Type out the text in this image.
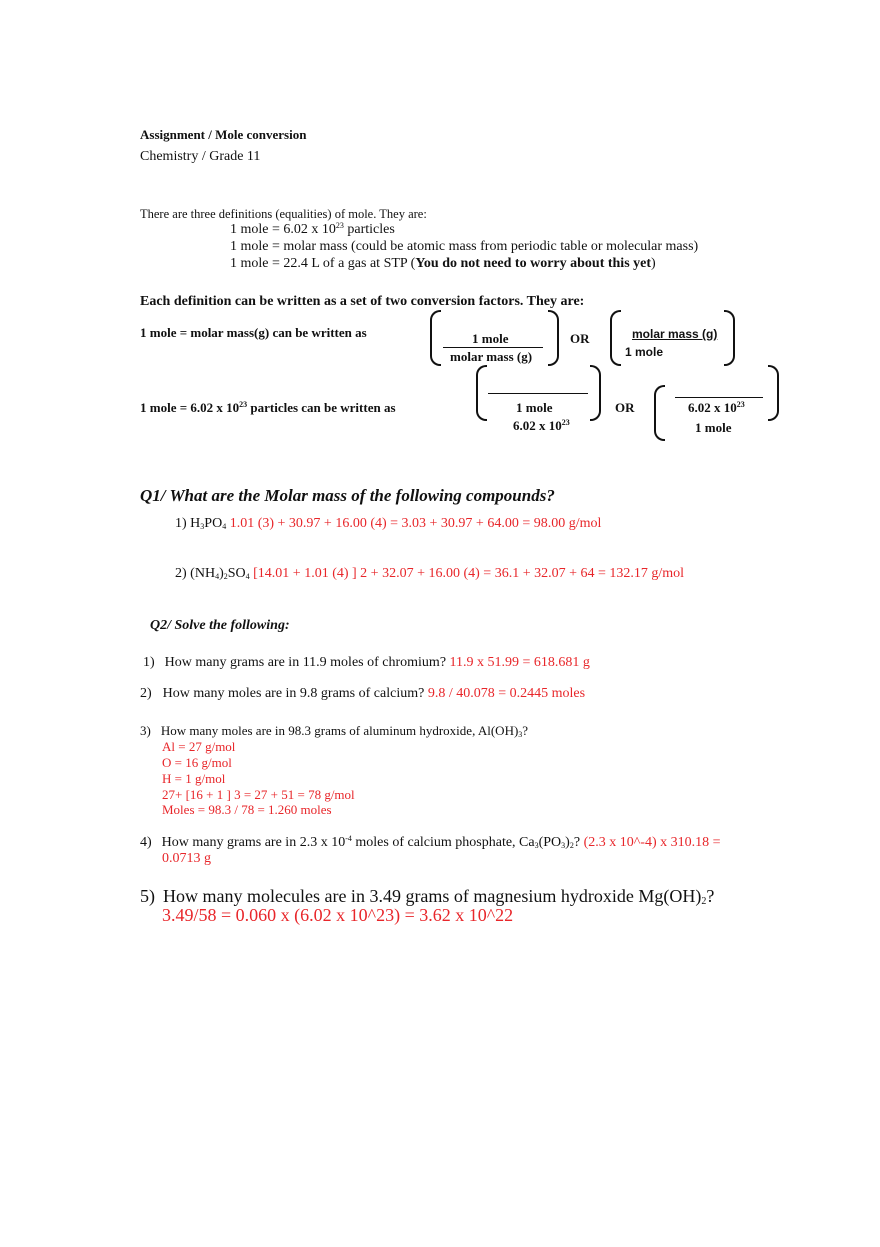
Assignment / Mole conversion
Chemistry / Grade 11
There are three definitions (equalities) of mole. They are:
1 mole = 6.02 x $10^{23}$ particles
1 mole = molar mass (could be atomic mass from periodic table or molecular mass)
1 mole = 22.4 L of a gas at STP (You do not need to worry about this yet)
Each definition can be written as a set of two conversion factors. They are:
1 mole = molar mass(g) can be written as	1 mole
molar mass (g)
OR	molar mass (g)
1 mole
1 mole = 6.02 x $10^{23}$ particles can be written as	1 mole
6.02 x $10^{23}$
OR	6.02 x $10^{23}$
1 mole
Q1/ What are the Molar mass of the following compounds?
1) $H_3PO_4$ 1.01 (3) + 30.97 + 16.00 (4) = 3.03 + 30.97 + 64.00 = 98.00 g/mol
2) $(NH_4)_2SO_4$ [14.01 + 1.01 (4) ] 2 + 32.07 + 16.00 (4) = 36.1 + 32.07 + 64 = 132.17 g/mol
Q2/ Solve the following:
1) How many grams are in 11.9 moles of chromium? 11.9 x 51.99 = 618.681 g
2) How many moles are in 9.8 grams of calcium? 9.8 / 40.078 = 0.2445 moles
3) How many moles are in 98.3 grams of aluminum hydroxide, $Al(OH)_3$?
Al = 27 g/mol
O = 16 g/mol
H = 1 g/mol
27+ [16 + 1 ] 3 = 27 + 51 = 78 g/mol
Moles = 98.3 / 78 = 1.260 moles
4) How many grams are in 2.3 x $10^{-4}$ moles of calcium phosphate, $Ca_3(PO_3)_2$? (2.3 x 10^-4) x 310.18 =
0.0713 g
5) How many molecules are in 3.49 grams of magnesium hydroxide $Mg(OH)_2$?
3.49/58 = 0.060 x (6.02 x 10^23) = 3.62 x 10^22
